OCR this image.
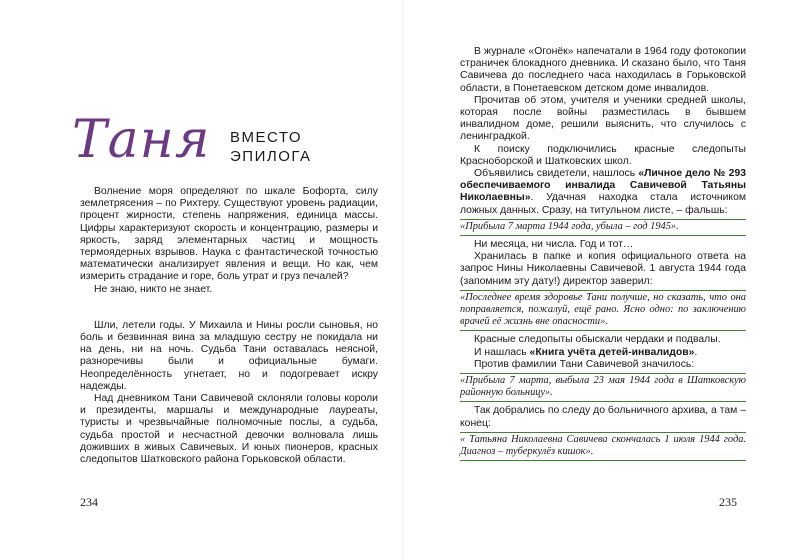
Таня ВМЕСТО
ЭПИЛОГА

Волнение моря определяют по шкале Бофорта, силу землетрясения – по Рихтеру. Существуют уровень радиации, процент жирности, степень напряжения, единица массы. Цифры характеризуют скорость и концентрацию, размеры и яркость, заряд элементарных частиц и мощность термоядерных взрывов. Наука с фантастической точностью математически анализирует явления и вещи. Но как, чем измерить страдание и горе, боль утрат и груз печалей?

Не знаю, никто не знает.

Шли, летели годы. У Михаила и Нины росли сыновья, но боль и безвинная вина за младшую сестру не покидала ни на день, ни на ночь. Судьба Тани оставалась неясной, разноречивы были и официальные бумаги. Неопределённость угнетает, но и подогревает искру надежды.

Над дневником Тани Савичевой склоняли головы короли и президенты, маршалы и международные лауреаты, туристы и чрезвычайные полномочные послы, а судьба, судьба простой и несчастной девочки волновала лишь доживших в живых Савичевых. И юных пионеров, красных следопытов Шатковского района Горьковской области.

234

В журнале «Огонёк» напечатали в 1964 году фотокопии страничек блокадного дневника. И сказано было, что Таня Савичева до последнего часа находилась в Горьковской области, в Понетаевском детском доме инвалидов.

Прочитав об этом, учителя и ученики средней школы, которая после войны разместилась в бывшем инвалидном доме, решили выяснить, что случилось с ленинградкой.

К поиску подключились красные следопыты Красноборской и Шатковских школ.

Объявились свидетели, нашлось «Личное дело № 293 обеспечиваемого инвалида Савичевой Татьяны Николаевны». Удачная находка стала источником ложных данных. Сразу, на титульном листе, – фальшь:

«Прибыла 7 марта 1944 года, убыла – год 1945».

Ни месяца, ни числа. Год и тот…

Хранилась в папке и копия официального ответа на запрос Нины Николаевны Савичевой. 1 августа 1944 года (запомним эту дату!) директор заверил:

«Последнее время здоровье Тани получше, но сказать, что она поправляется, пожалуй, ещё рано. Ясно одно: по заключению врачей её жизнь вне опасности».

Красные следопыты обыскали чердаки и подвалы.

И нашлась «Книга учёта детей-инвалидов».

Против фамилии Тани Савичевой значилось:

«Прибыла 7 марта, выбыла 23 мая 1944 года в Шатковскую районную больницу».

Так добрались по следу до больничного архива, а там – конец:

« Татьяна Николаевна Савичева скончалась 1 июля 1944 года. Диагноз – туберкулёз кишок».

235
